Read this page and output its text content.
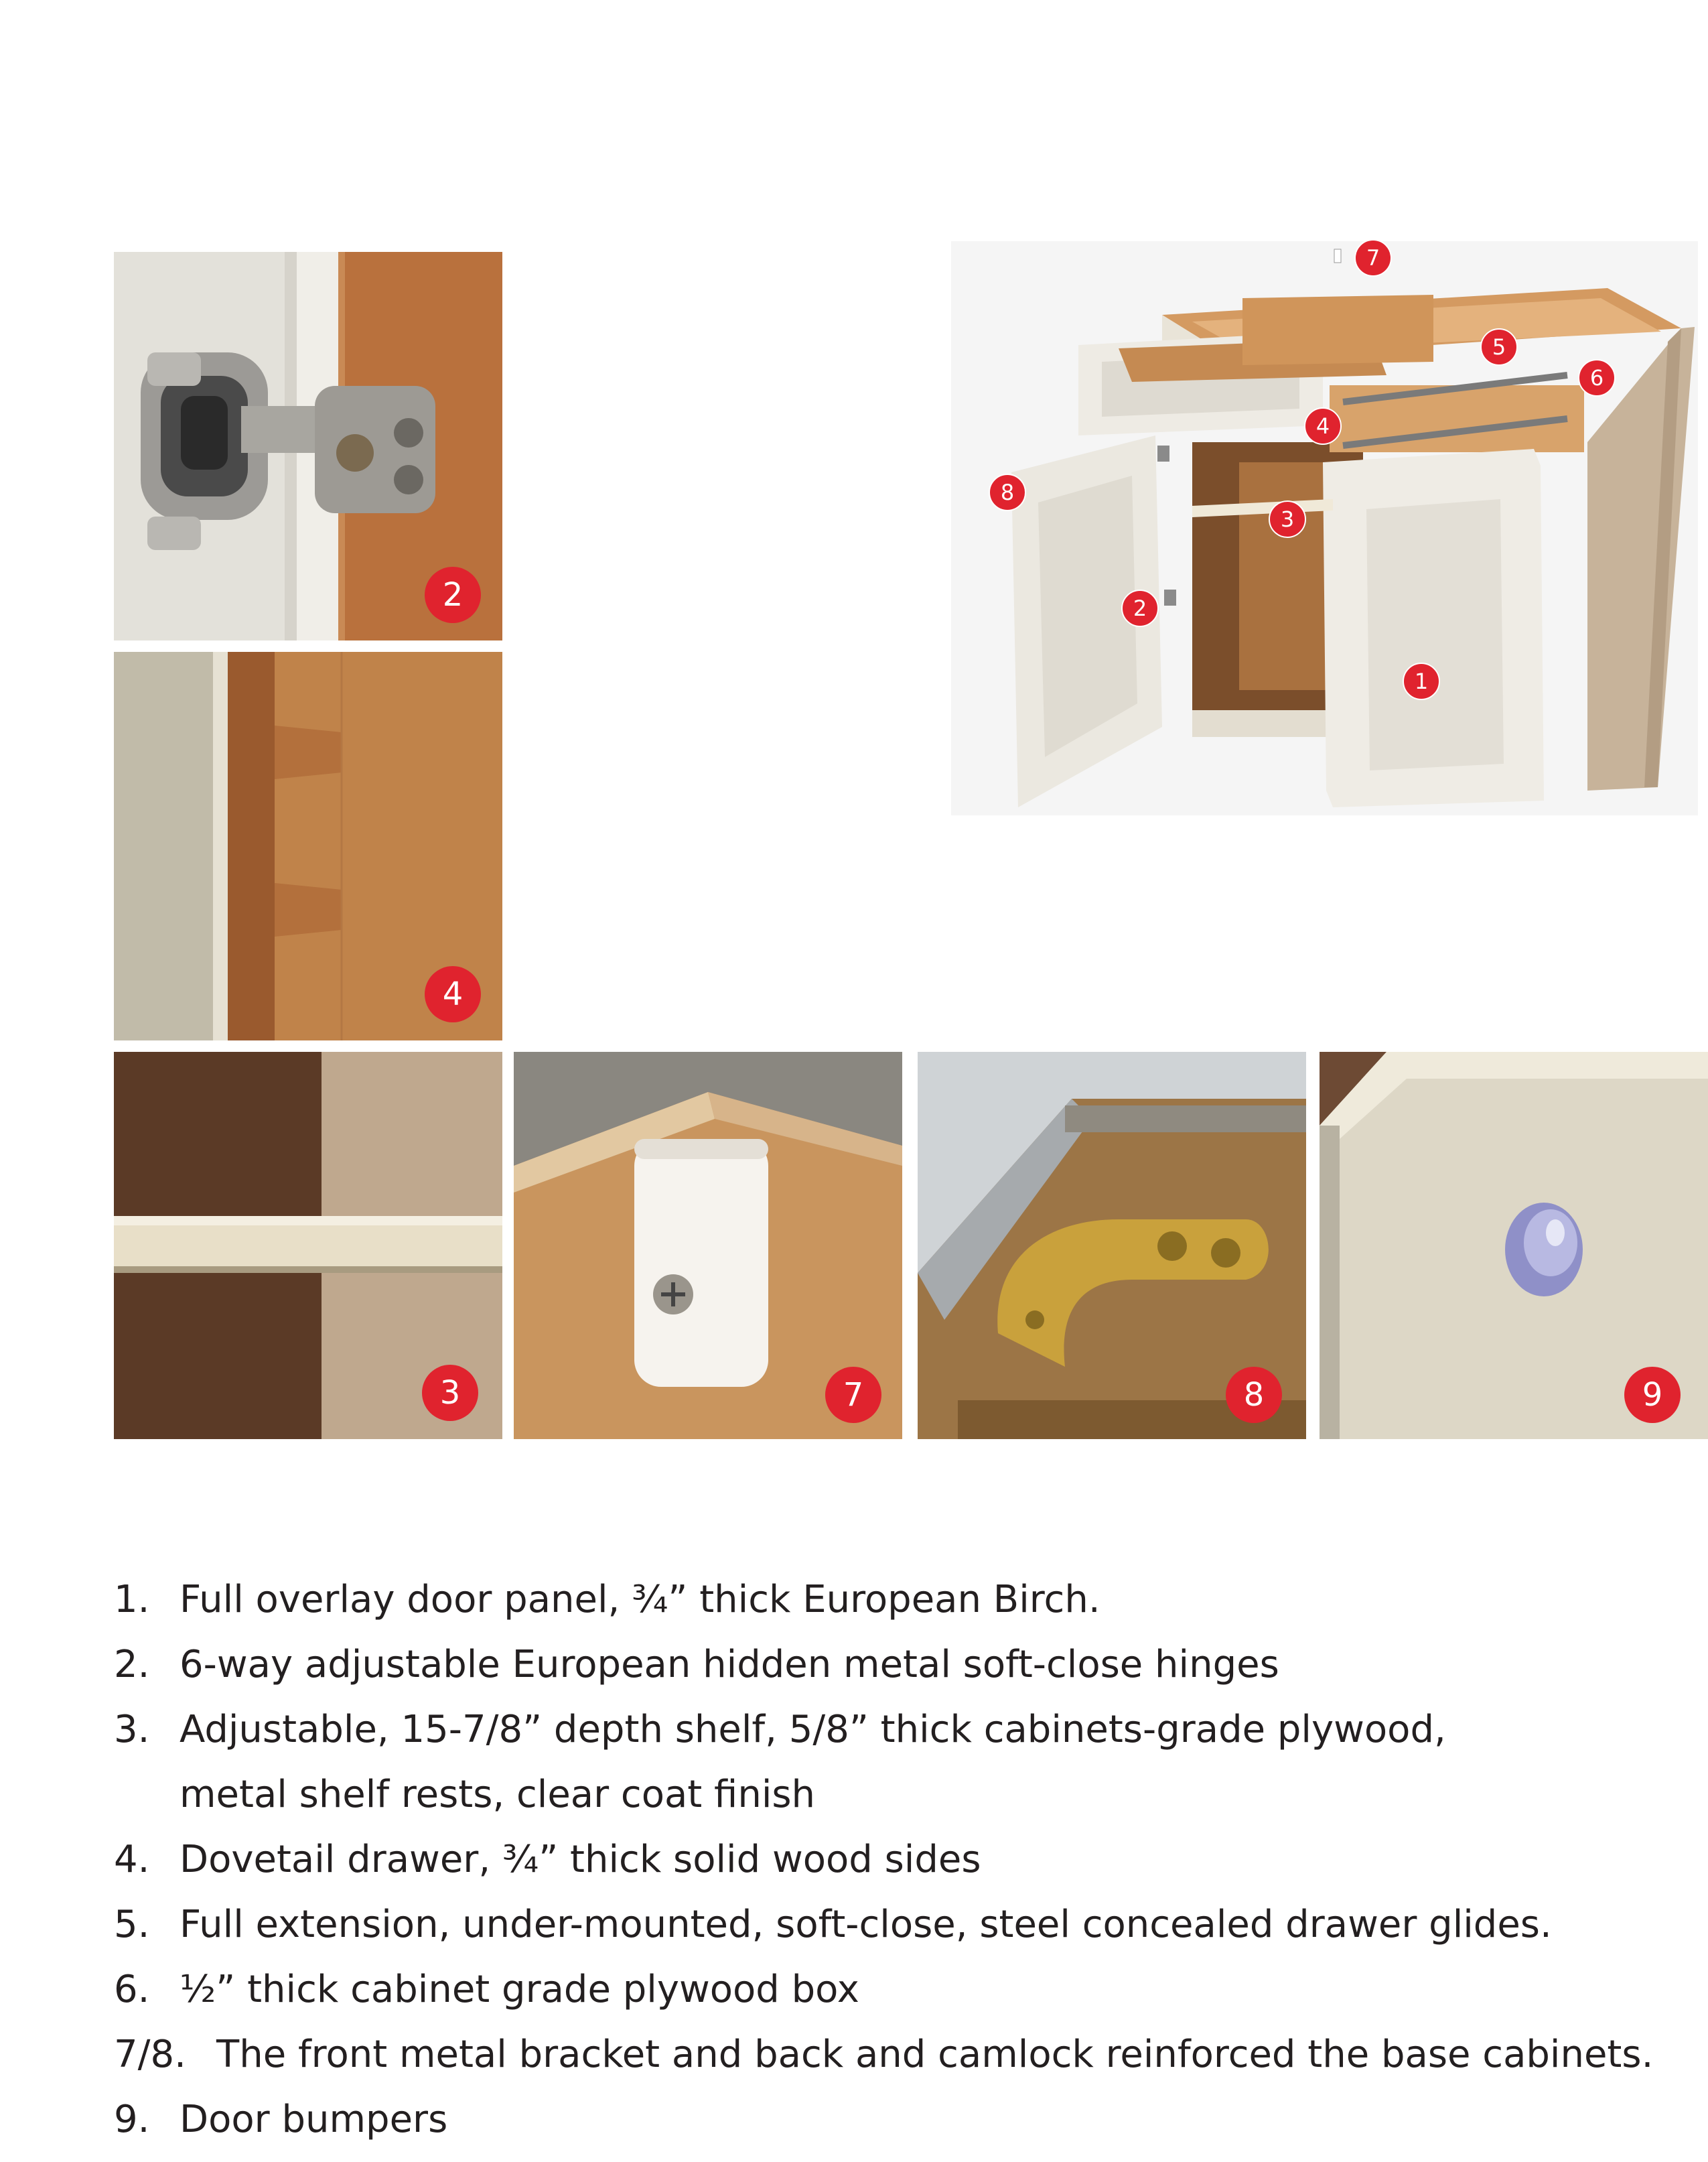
2
4
3	7	8	9
7
5
6
4
8
3
2
1
1. Full overlay door panel, ¾” thick European Birch.
2. 6-way adjustable European hidden metal soft-close hinges
3. Adjustable, 15-7/8” depth shelf, 5/8” thick cabinets-grade plywood,
metal shelf rests, clear coat finish
4. Dovetail drawer, ¾” thick solid wood sides
5. Full extension, under-mounted, soft-close, steel concealed drawer glides.
6. ½” thick cabinet grade plywood box
7/8. The front metal bracket and back and camlock reinforced the base cabinets.
9. Door bumpers
